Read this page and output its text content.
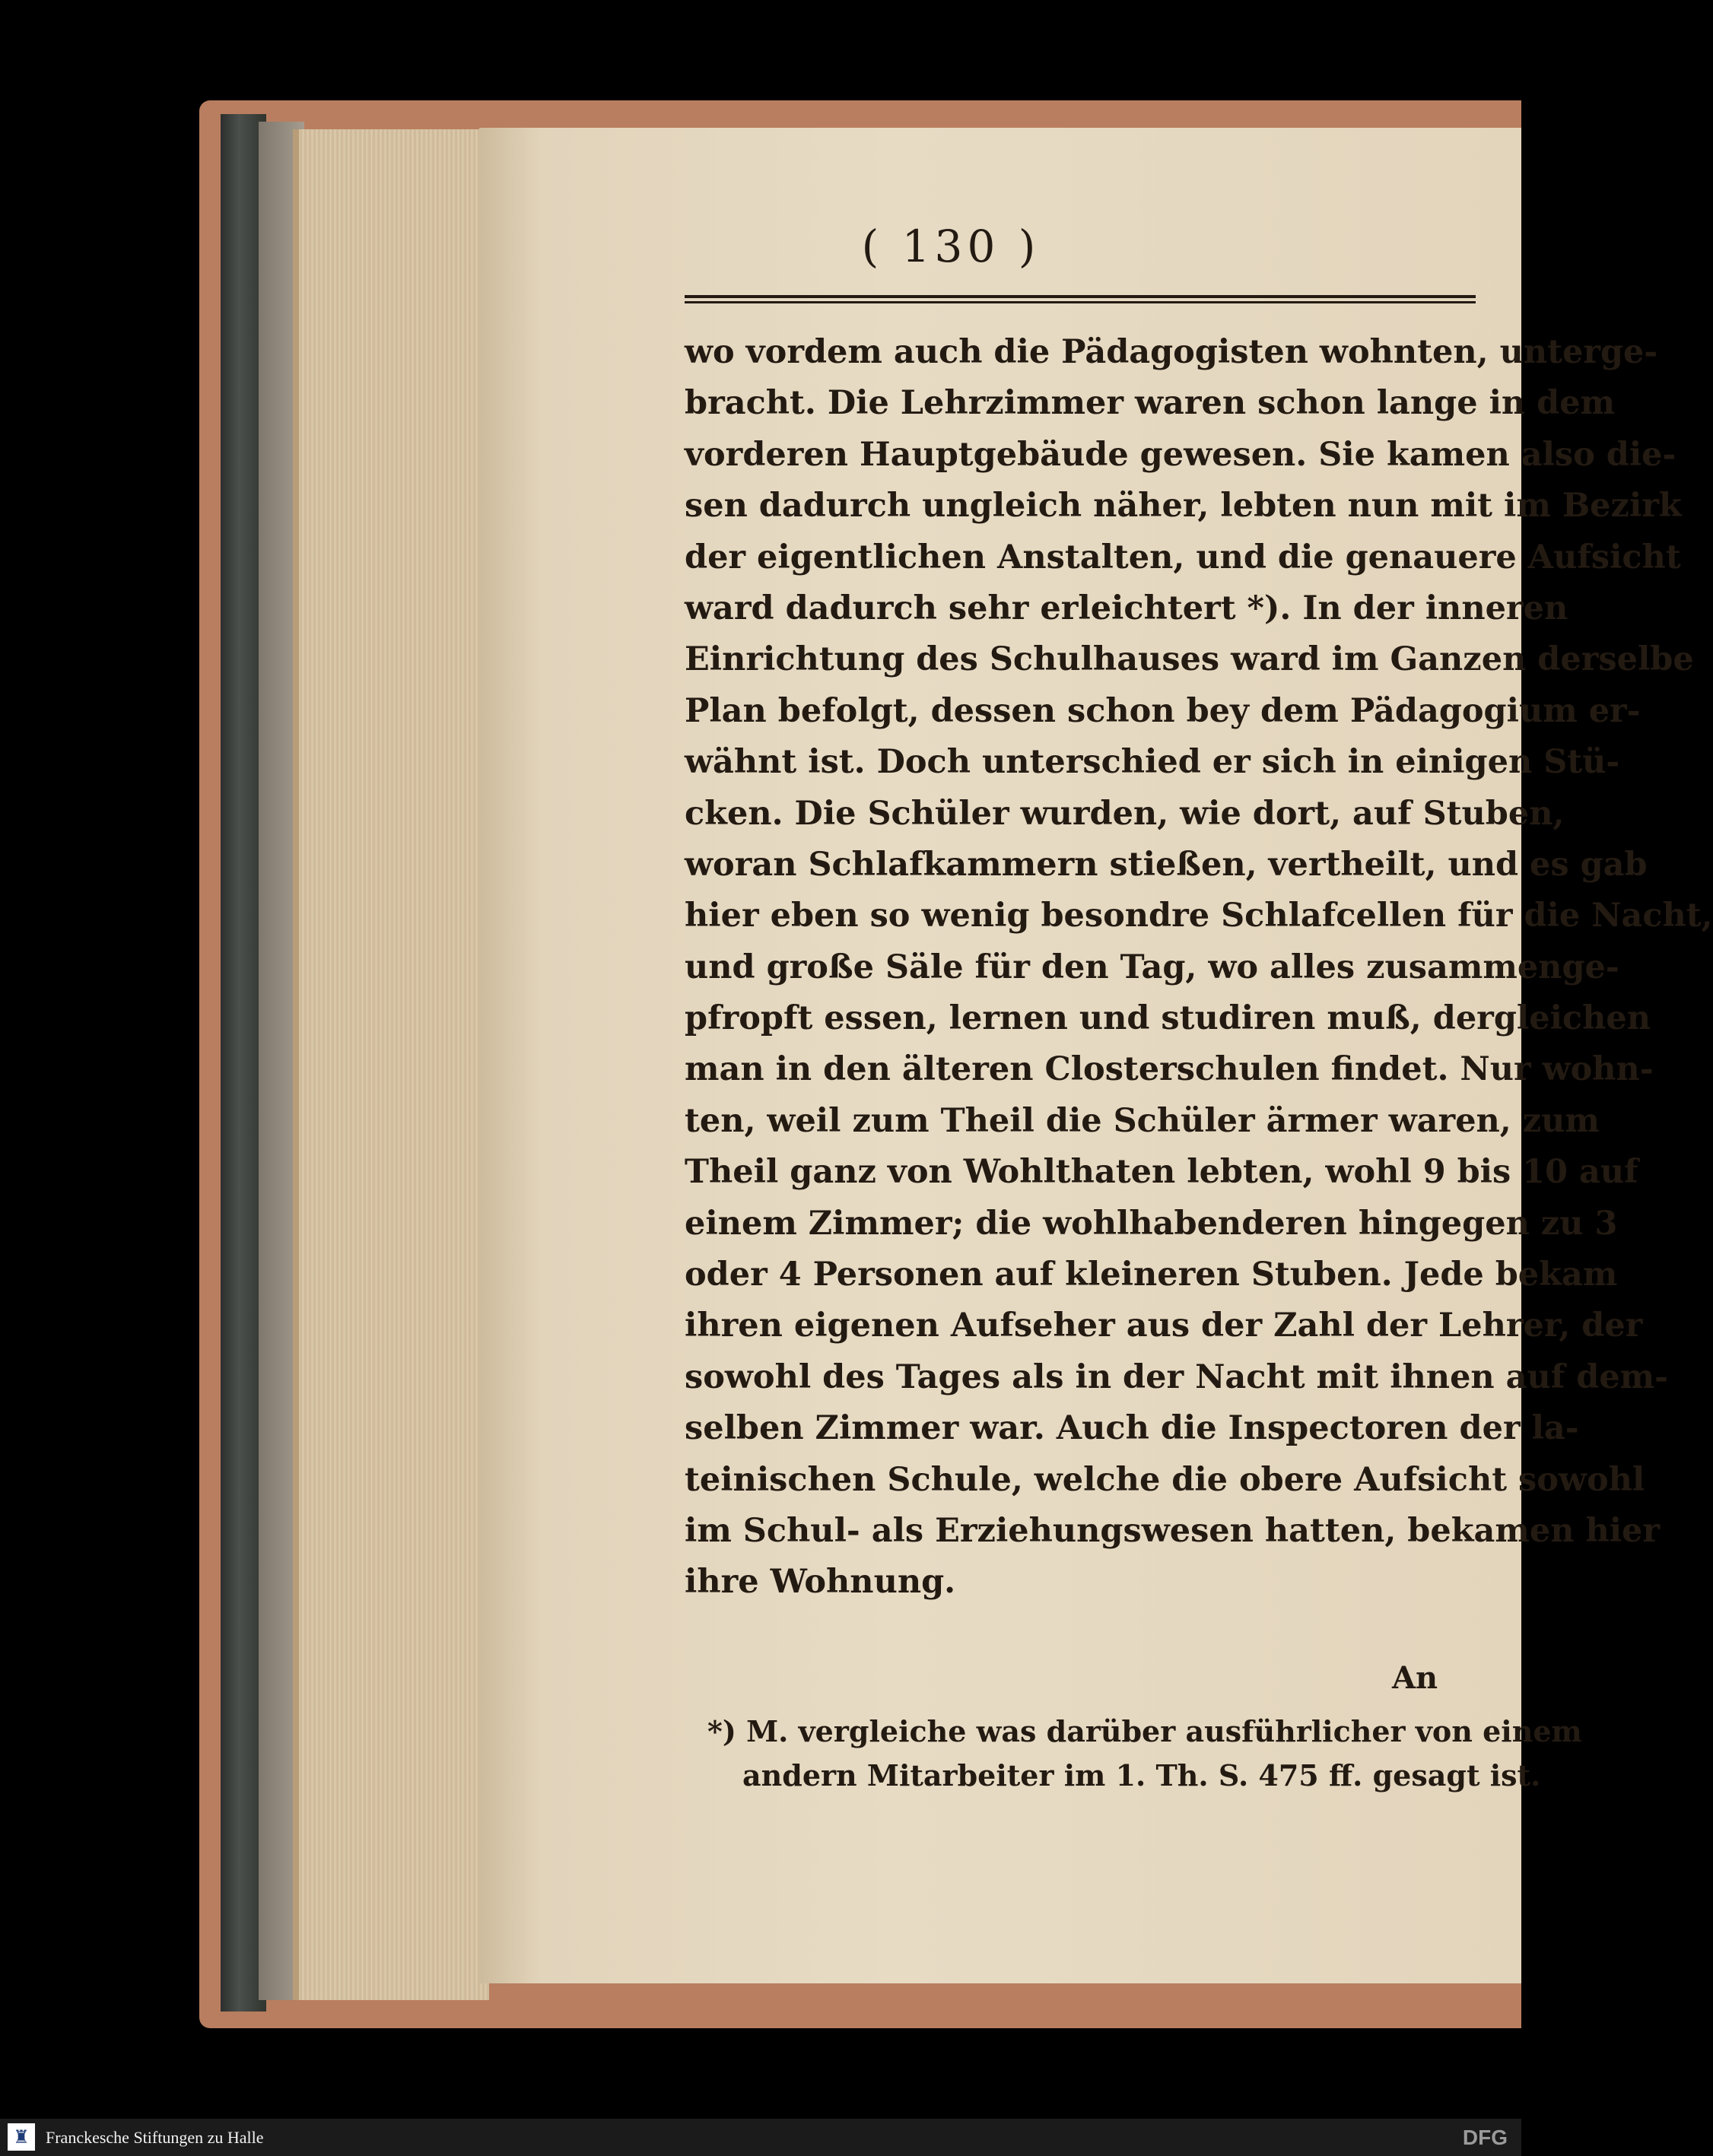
( 130 )
wo vordem auch die Pädagogisten wohnten, unterge-
bracht. Die Lehrzimmer waren schon lange in dem
vorderen Hauptgebäude gewesen. Sie kamen also die-
sen dadurch ungleich näher, lebten nun mit im Bezirk
der eigentlichen Anstalten, und die genauere Aufsicht
ward dadurch sehr erleichtert *). In der inneren
Einrichtung des Schulhauses ward im Ganzen derselbe
Plan befolgt, dessen schon bey dem Pädagogium er-
wähnt ist. Doch unterschied er sich in einigen Stü-
cken. Die Schüler wurden, wie dort, auf Stuben,
woran Schlafkammern stießen, vertheilt, und es gab
hier eben so wenig besondre Schlafcellen für die Nacht,
und große Säle für den Tag, wo alles zusammenge-
pfropft essen, lernen und studiren muß, dergleichen
man in den älteren Closterschulen findet. Nur wohn-
ten, weil zum Theil die Schüler ärmer waren, zum
Theil ganz von Wohlthaten lebten, wohl 9 bis 10 auf
einem Zimmer; die wohlhabenderen hingegen zu 3
oder 4 Personen auf kleineren Stuben. Jede bekam
ihren eigenen Aufseher aus der Zahl der Lehrer, der
sowohl des Tages als in der Nacht mit ihnen auf dem-
selben Zimmer war. Auch die Inspectoren der la-
teinischen Schule, welche die obere Aufsicht sowohl
im Schul- als Erziehungswesen hatten, bekamen hier
ihre Wohnung.
An
*) M. vergleiche was darüber ausführlicher von einem
andern Mitarbeiter im 1. Th. S. 475 ff. gesagt ist.
♜ Franckesche Stiftungen zu Halle	DFG
